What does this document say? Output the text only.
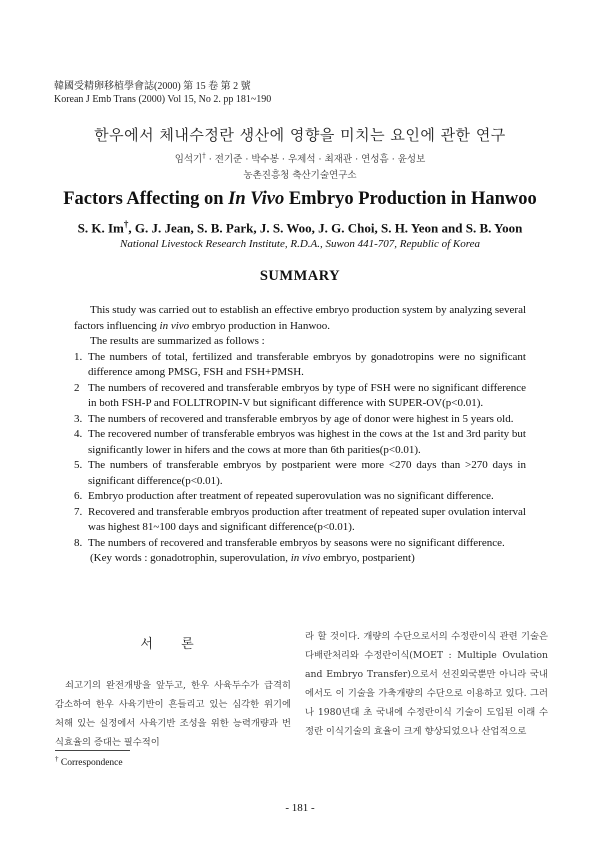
韓國受精卵移植學會誌(2000) 第 15 卷 第 2 號
Korean J Emb Trans (2000) Vol 15, No 2. pp 181~190
한우에서 체내수정란 생산에 영향을 미치는 요인에 관한 연구
임석기† · 전기준 · 박수봉 · 우제석 · 최재관 · 연성흠 · 윤성보
농촌진흥청 축산기술연구소
Factors Affecting on In Vivo Embryo Production in Hanwoo
S. K. Im†, G. J. Jean, S. B. Park, J. S. Woo, J. G. Choi, S. H. Yeon and S. B. Yoon
National Livestock Research Institute, R.D.A., Suwon 441-707, Republic of Korea
SUMMARY

This study was carried out to establish an effective embryo production system by analyzing several factors influencing in vivo embryo production in Hanwoo.

The results are summarized as follows :

1. The numbers of total, fertilized and transferable embryos by gonadotropins were no significant difference among PMSG, FSH and FSH+PMSH.
2 The numbers of recovered and transferable embryos by type of FSH were no significant difference in both FSH-P and FOLLTROPIN-V but significant difference with SUPER-OV(p<0.01).
3. The numbers of recovered and transferable embryos by age of donor were highest in 5 years old.
4. The recovered number of transferable embryos was highest in the cows at the 1st and 3rd parity but significantly lower in hifers and the cows at more than 6th parities(p<0.01).
5. The numbers of transferable embryos by postparient were more <270 days than >270 days in significant difference(p<0.01).
6. Embryo production after treatment of repeated superovulation was no significant difference.
7. Recovered and transferable embryos production after treatment of repeated super ovulation interval was highest 81~100 days and significant difference(p<0.01).
8. The numbers of recovered and transferable embryos by seasons were no significant difference.

(Key words : gonadotrophin, superovulation, in vivo embryo, postparient)

서 론

쇠고기의 완전개방을 앞두고, 한우 사육두수가 급격히 감소하여 한우 사육기반이 흔들리고 있는 심각한 위기에 처해 있는 실정에서 사육기반 조성을 위한 능력개량과 번식효율의 증대는 필수적이

라 할 것이다. 개량의 수단으로서의 수정란이식 관련 기술은 다배란처리와 수정란이식(MOET : Multiple Ovulation and Embryo Transfer)으로서 선진외국뿐만 아니라 국내에서도 이 기술을 가축개량의 수단으로 이용하고 있다. 그러나 1980년대 초 국내에 수정란이식 기술이 도입된 이래 수정란 이식기술의 효율이 크게 향상되었으나 산업적으로

† Correspondence
- 181 -
